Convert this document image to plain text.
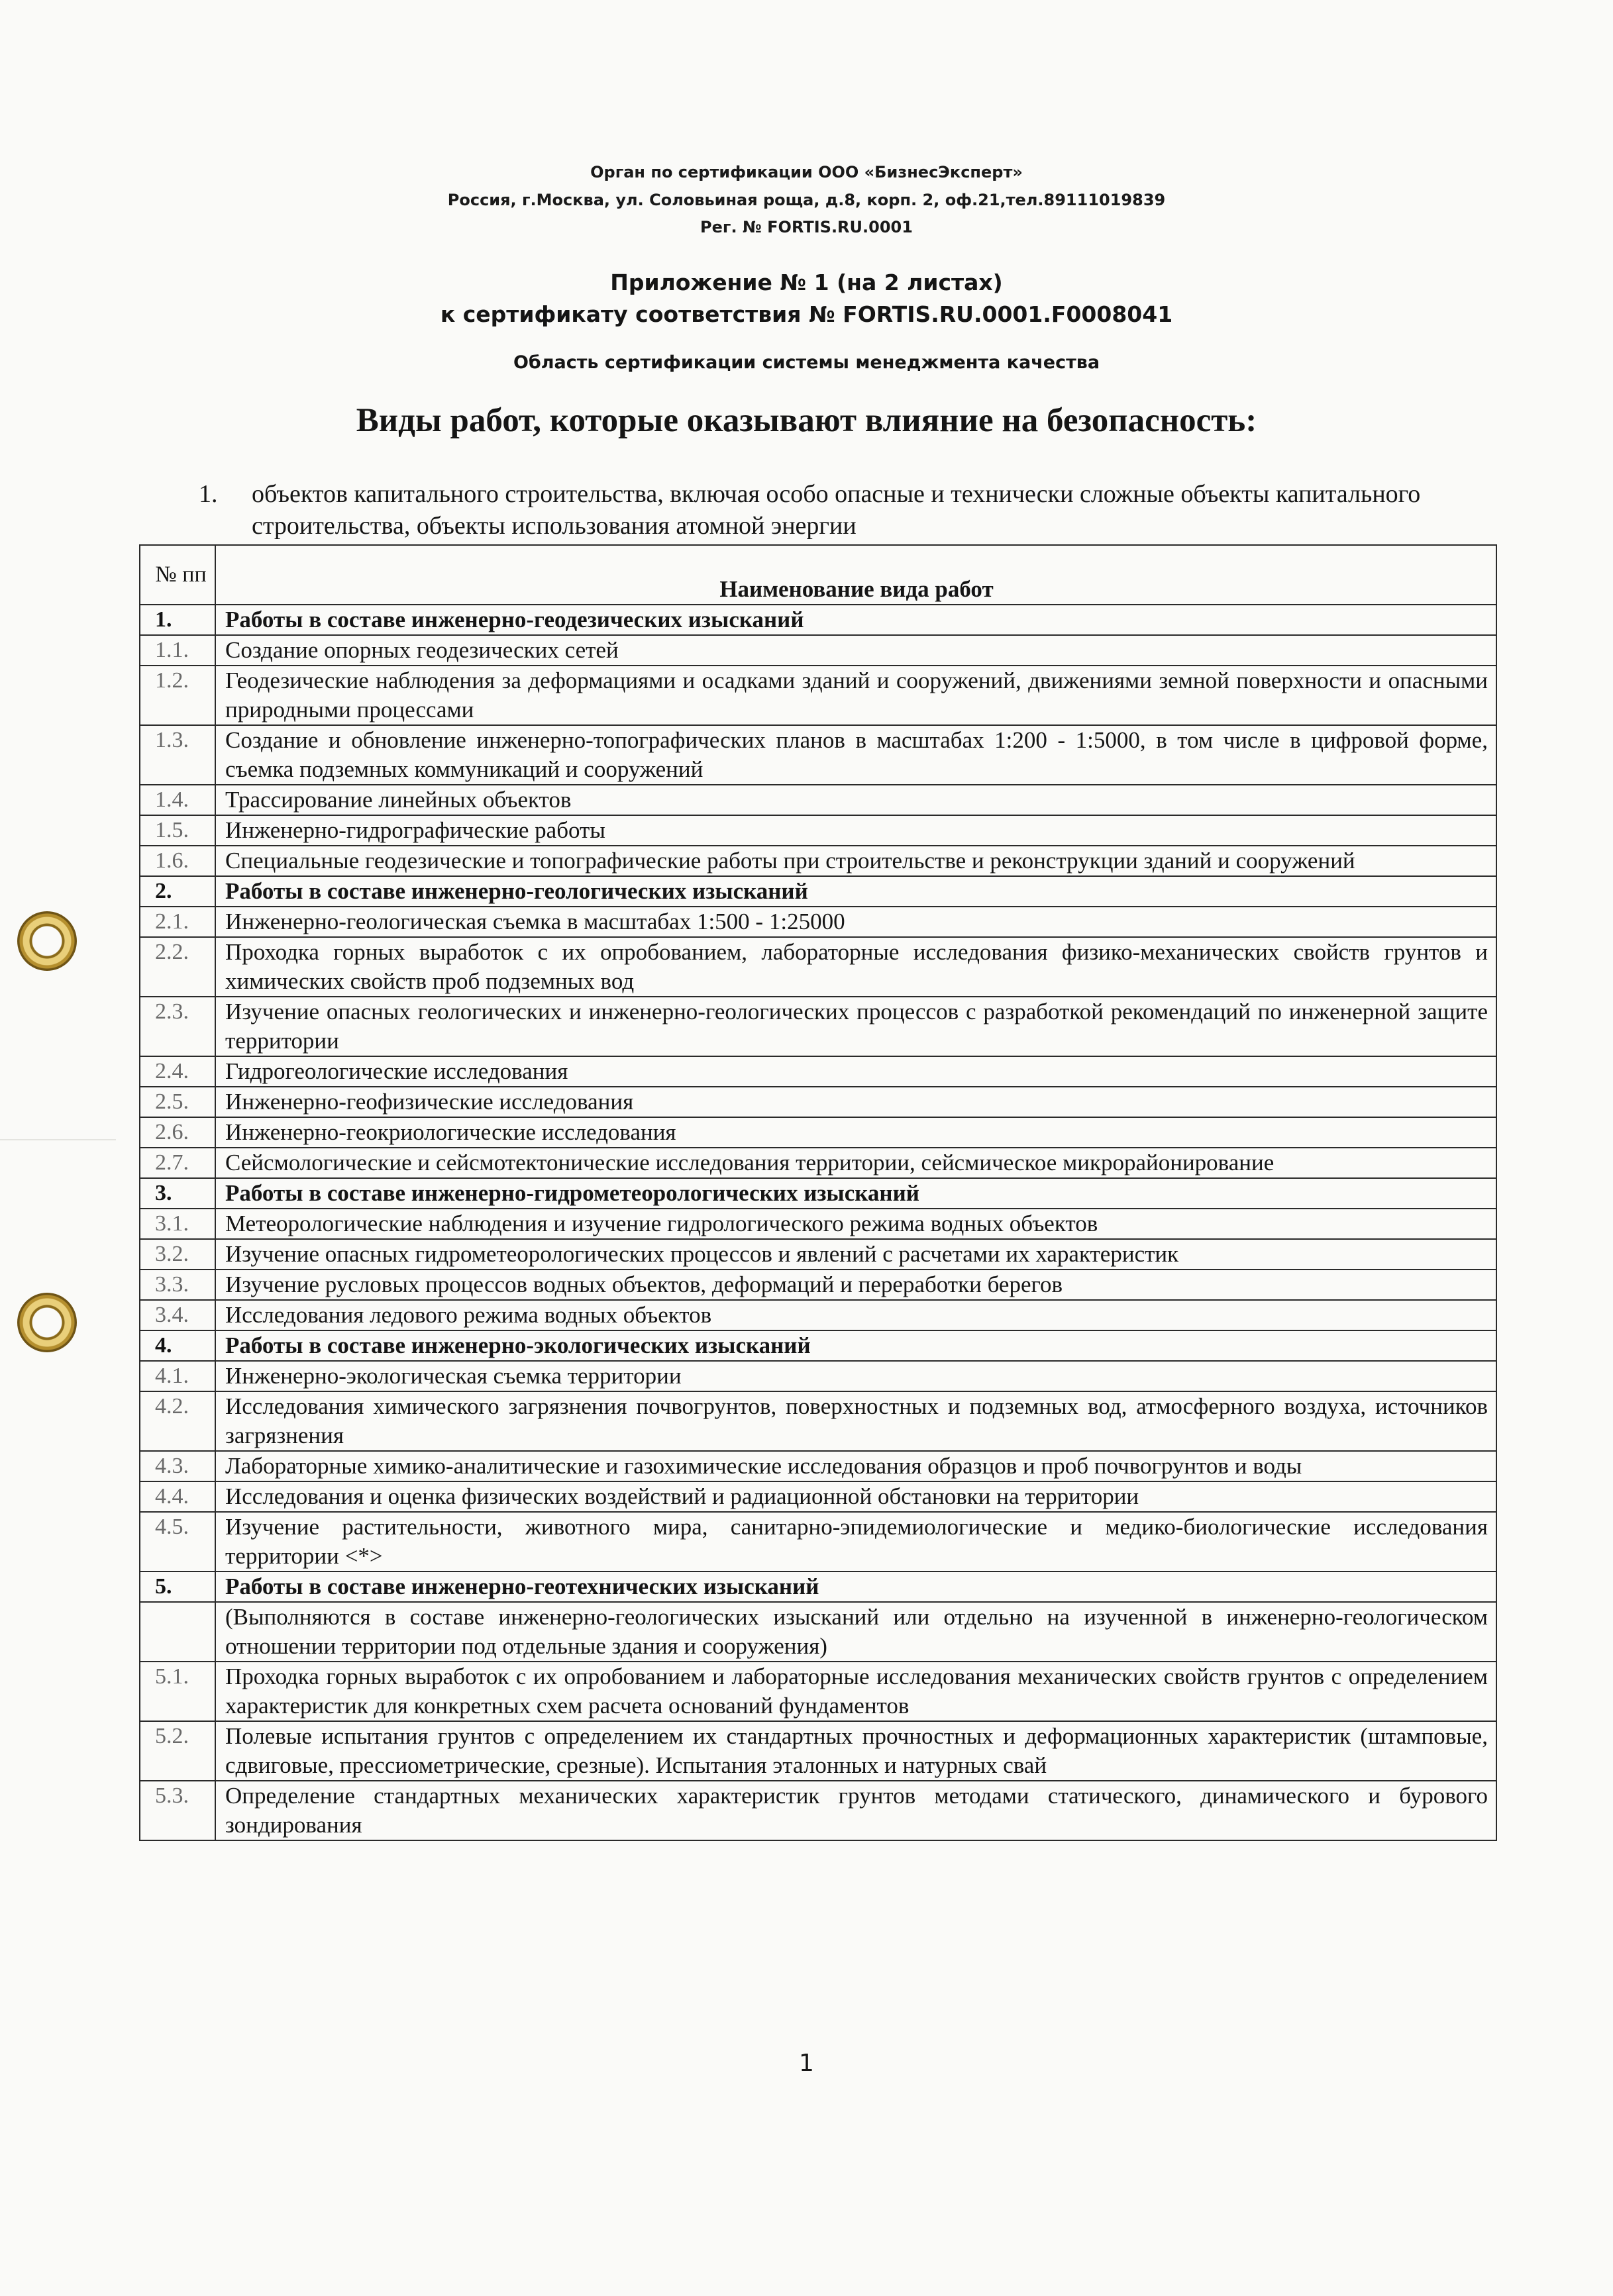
Орган по сертификации ООО «БизнесЭксперт»
Россия, г.Москва, ул. Соловьиная роща, д.8, корп. 2, оф.21,тел.89111019839
Рег. № FORTIS.RU.0001
Приложение № 1 (на 2 листах)
к сертификату соответствия № FORTIS.RU.0001.F0008041
Область сертификации системы менеджмента качества
Виды работ, которые оказывают влияние на безопасность:
1. объектов капитального строительства, включая особо опасные и технически сложные объекты капитального строительства, объекты использования атомной энергии
№ пп	Наименование вида работ
1.	Работы в составе инженерно-геодезических изысканий
1.1.	Создание опорных геодезических сетей
1.2.	Геодезические наблюдения за деформациями и осадками зданий и сооружений, движениями земной поверхности и опасными природными процессами
1.3.	Создание и обновление инженерно-топографических планов в масштабах 1:200 - 1:5000, в том числе в цифровой форме, съемка подземных коммуникаций и сооружений
1.4.	Трассирование линейных объектов
1.5.	Инженерно-гидрографические работы
1.6.	Специальные геодезические и топографические работы при строительстве и реконструкции зданий и сооружений
2.	Работы в составе инженерно-геологических изысканий
2.1.	Инженерно-геологическая съемка в масштабах 1:500 - 1:25000
2.2.	Проходка горных выработок с их опробованием, лабораторные исследования физико-механических свойств грунтов и химических свойств проб подземных вод
2.3.	Изучение опасных геологических и инженерно-геологических процессов с разработкой рекомендаций по инженерной защите территории
2.4.	Гидрогеологические исследования
2.5.	Инженерно-геофизические исследования
2.6.	Инженерно-геокриологические исследования
2.7.	Сейсмологические и сейсмотектонические исследования территории, сейсмическое микрорайонирование
3.	Работы в составе инженерно-гидрометеорологических изысканий
3.1.	Метеорологические наблюдения и изучение гидрологического режима водных объектов
3.2.	Изучение опасных гидрометеорологических процессов и явлений с расчетами их характеристик
3.3.	Изучение русловых процессов водных объектов, деформаций и переработки берегов
3.4.	Исследования ледового режима водных объектов
4.	Работы в составе инженерно-экологических изысканий
4.1.	Инженерно-экологическая съемка территории
4.2.	Исследования химического загрязнения почвогрунтов, поверхностных и подземных вод, атмосферного воздуха, источников загрязнения
4.3.	Лабораторные химико-аналитические и газохимические исследования образцов и проб почвогрунтов и воды
4.4.	Исследования и оценка физических воздействий и радиационной обстановки на территории
4.5.	Изучение растительности, животного мира, санитарно-эпидемиологические и медико-биологические исследования территории <*>
5.	Работы в составе инженерно-геотехнических изысканий
	(Выполняются в составе инженерно-геологических изысканий или отдельно на изученной в инженерно-геологическом отношении территории под отдельные здания и сооружения)
5.1.	Проходка горных выработок с их опробованием и лабораторные исследования механических свойств грунтов с определением характеристик для конкретных схем расчета оснований фундаментов
5.2.	Полевые испытания грунтов с определением их стандартных прочностных и деформационных характеристик (штамповые, сдвиговые, прессиометрические, срезные). Испытания эталонных и натурных свай
5.3.	Определение стандартных механических характеристик грунтов методами статического, динамического и бурового зондирования
1
